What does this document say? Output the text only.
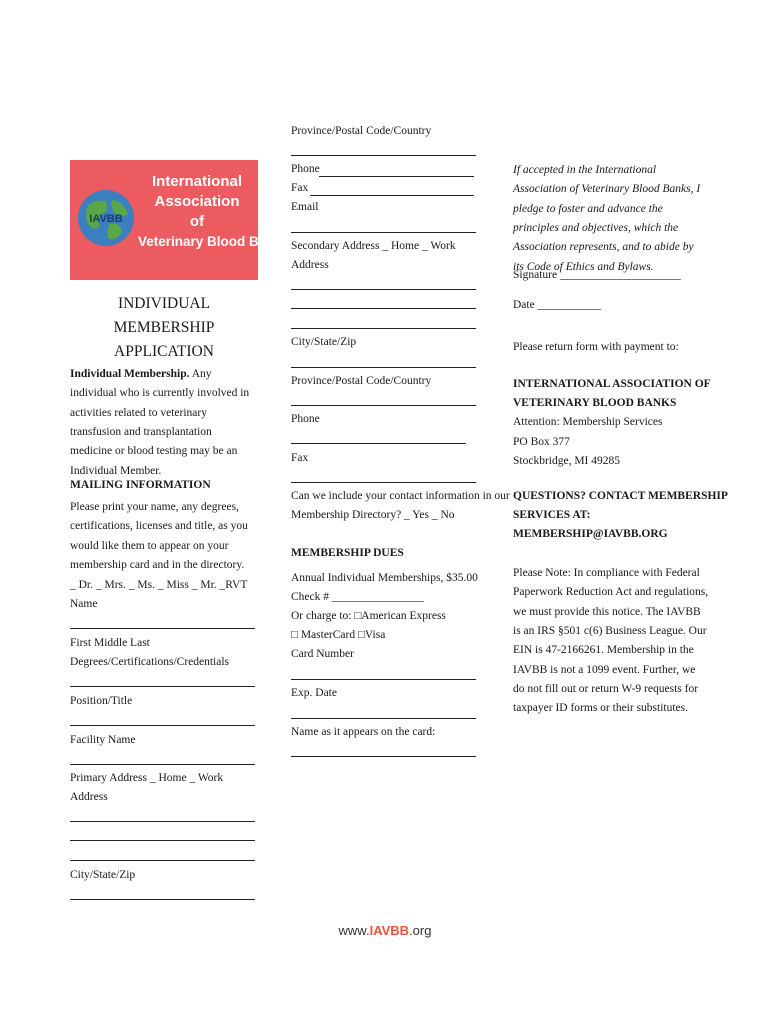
IAVBB
International
Association
of
Veterinary Blood Banks
INDIVIDUAL MEMBERSHIP
APPLICATION
Individual Membership. Any individual who is currently involved in activities related to veterinary transfusion and transplantation medicine or blood testing may be an Individual Member.
MAILING INFORMATION
Please print your name, any degrees, certifications, licenses and title, as you would like them to appear on your membership card and in the directory.
_ Dr. _ Mrs. _ Ms. _ Miss _ Mr. _RVT
Name
First Middle Last
Degrees/Certifications/Credentials
Position/Title
Facility Name
Primary Address _ Home _ Work
Address
City/State/Zip
Province/Postal Code/Country
Phone
Fax
Email
Secondary Address _ Home _ Work
Address
City/State/Zip
Province/Postal Code/Country
Phone
Fax
Can we include your contact information in our
Membership Directory? _ Yes _ No
MEMBERSHIP DUES
Annual Individual Memberships, $35.00
Check # ________________
Or charge to: □American Express
□ MasterCard □Visa
Card Number
Exp. Date
Name as it appears on the card:
If accepted in the International Association of Veterinary Blood Banks, I pledge to foster and advance the principles and objectives, which the Association represents, and to abide by its Code of Ethics and Bylaws.
Signature _____________________
Date ___________
Please return form with payment to:
INTERNATIONAL ASSOCIATION OF
VETERINARY BLOOD BANKS
Attention: Membership Services
PO Box 377
Stockbridge, MI 49285
QUESTIONS? CONTACT MEMBERSHIP
SERVICES AT:
MEMBERSHIP@IAVBB.ORG
Please Note: In compliance with Federal Paperwork Reduction Act and regulations, we must provide this notice. The IAVBB is an IRS §501 c(6) Business League. Our EIN is 47-2166261. Membership in the IAVBB is not a 1099 event. Further, we do not fill out or return W-9 requests for taxpayer ID forms or their substitutes.
www.IAVBB.org
